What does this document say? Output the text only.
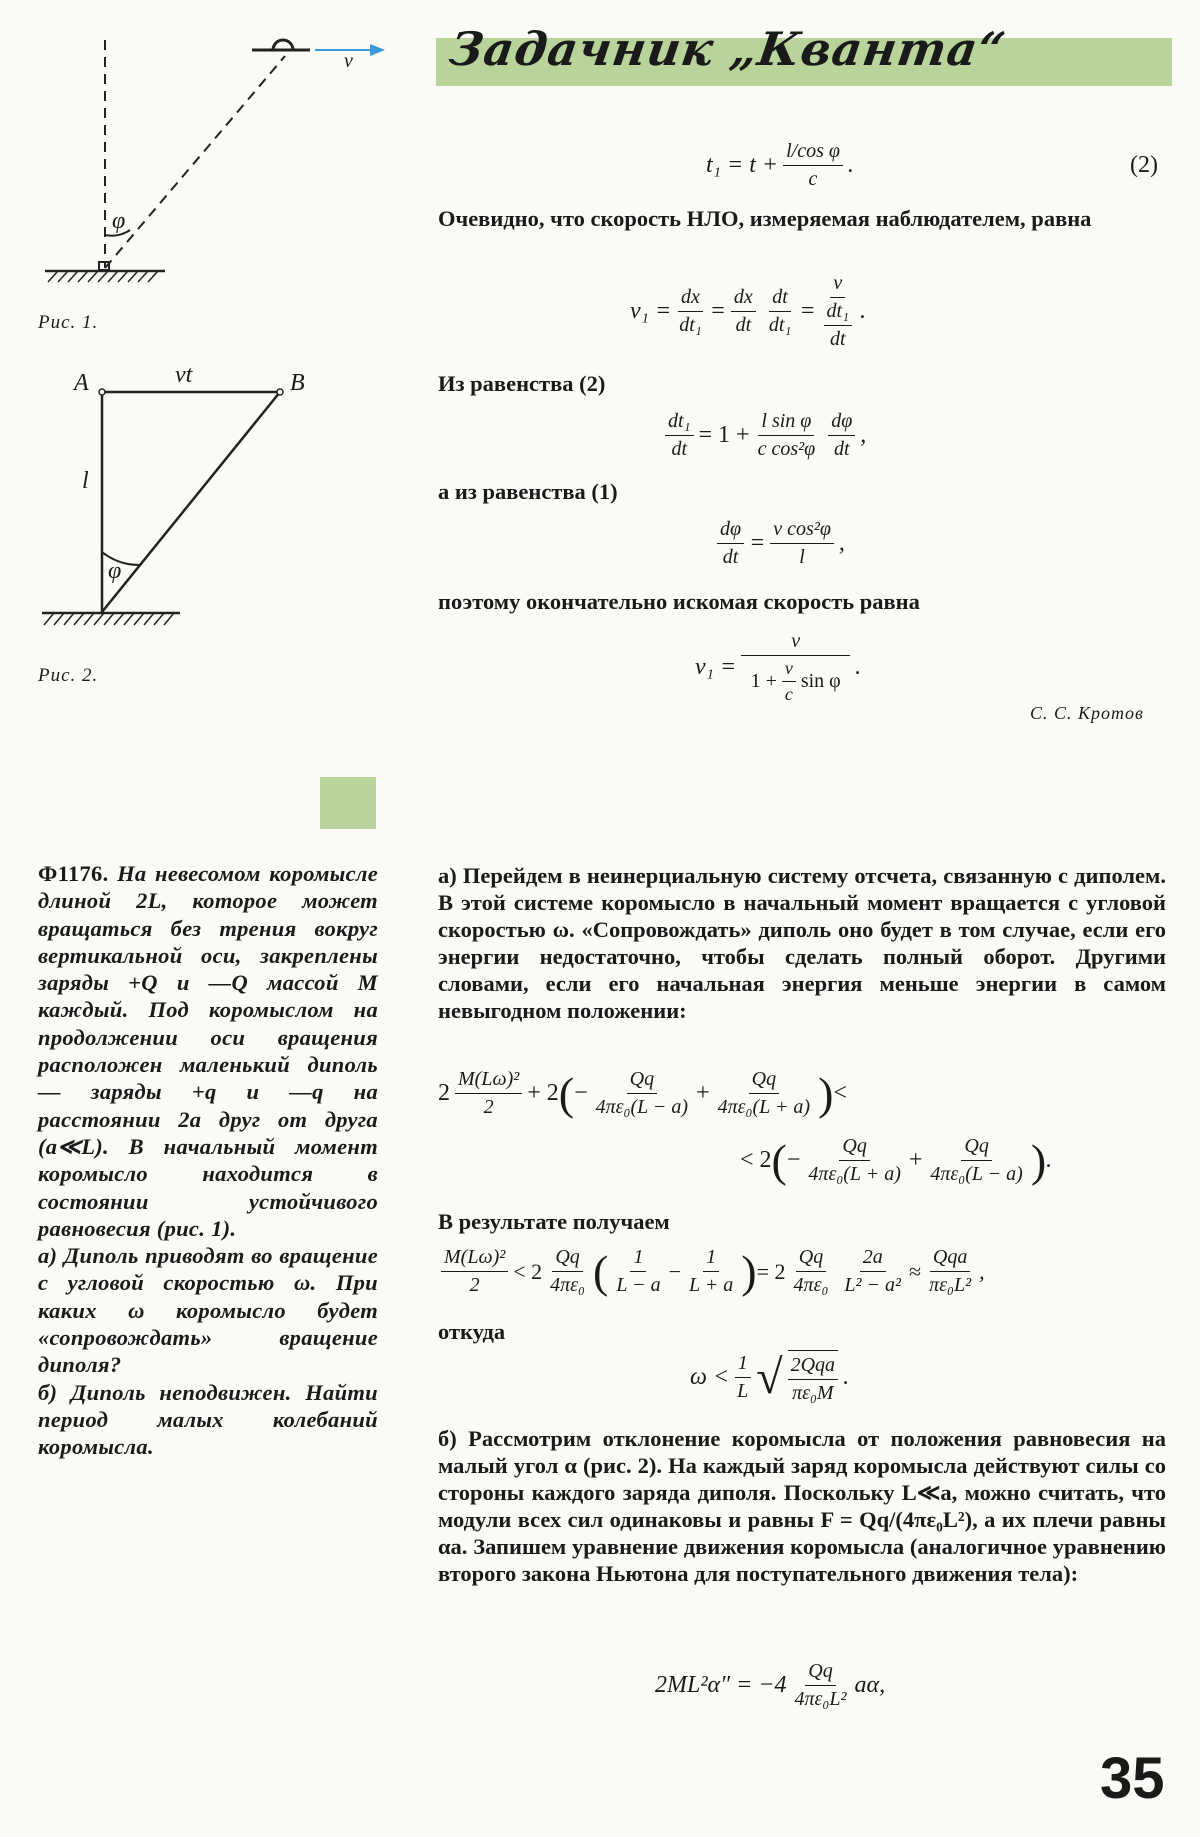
Задачник „Кванта“
φ
v
Рис. 1.
A	B
vt
l
φ
Рис. 2.
$t_1 = t + \frac{\text{l/cos φ}}{c}$ .	(2)
Очевидно, что скорость НЛО, измеряемая наблюдателем, равна
$v_1 = \frac{dx}{\text{dt₁}} = \frac{dx}{dt} \frac{dt}{\text{dt₁}} = \frac{v}{\frac{\text{dt₁}}{dt}}$ .
Из равенства (2)
$\frac{\text{dt₁}}{dt} = 1 + \frac{\text{l sin φ}}{\text{c cos²φ}} \frac{d\varphi}{dt}$ ,
а из равенства (1)
$\frac{d\varphi}{dt} = \frac{\text{v cos²φ}}{l}$ ,
поэтому окончательно искомая скорость равна
$v_1 = \frac{v}{1 + \frac{v}{c} \sin \varphi}$ .
С. С. Кротов
Ф1176. На невесомом коромысле длиной 2L, которое может вращаться без трения вокруг вертикальной оси, закреплены заряды +Q и —Q массой M каждый. Под коромыслом на продолжении оси вращения расположен маленький диполь — заряды +q и —q на расстоянии 2a друг от друга (a≪L). В начальный момент коромысло находится в состоянии устойчивого равновесия (рис. 1).
а) Диполь приводят во вращение с угловой скоростью ω. При каких ω коромысло будет «сопровождать» вращение диполя?
б) Диполь неподвижен. Найти период малых колебаний коромысла.
а) Перейдем в неинерциальную систему отсчета, связанную с диполем. В этой системе коромысло в начальный момент вращается с угловой скоростью ω. «Сопровождать» диполь оно будет в том случае, если его энергии недостаточно, чтобы сделать полный оборот. Другими словами, если его начальная энергия меньше энергии в самом невыгодном положении:
$2 \frac{\text{M(Lω)²}}{2} + 2$ ( − $\frac{Qq}{\text{4πε₀(L − a)}} + \frac{Qq}{\text{4πε₀(L + a)}}$ ) <
< 2 ( − $\frac{Qq}{\text{4πε₀(L + a)}} + \frac{Qq}{\text{4πε₀(L − a)}}$ ) .
В результате получаем
$\frac{\text{M(Lω)²}}{2} < 2 \frac{Qq}{\text{4πε₀}}$ ( $\frac{1}{L - a} - \frac{1}{L + a}$ ) = $2 \frac{Qq}{\text{4πε₀}} \frac{2a}{\text{L² − a²}} \approx \frac{\text{Qqa}}{\text{πε₀L²}}$ ,
откуда
$\omega < \frac{1}{L}$ √ $\frac{\text{2Qqa}}{\text{πε₀M}}$ .
б) Рассмотрим отклонение коромысла от положения равновесия на малый угол α (рис. 2). На каждый заряд коромысла действуют силы со стороны каждого заряда диполя. Поскольку L≪a, можно считать, что модули всех сил одинаковы и равны F = Qq/(4πε₀L²), а их плечи равны αa. Запишем уравнение движения коромысла (аналогичное уравнению второго закона Ньютона для поступательного движения тела):
$2ML^2\alpha'' = -4 \frac{Qq}{\text{4πε₀L²}} a\alpha$,
35
